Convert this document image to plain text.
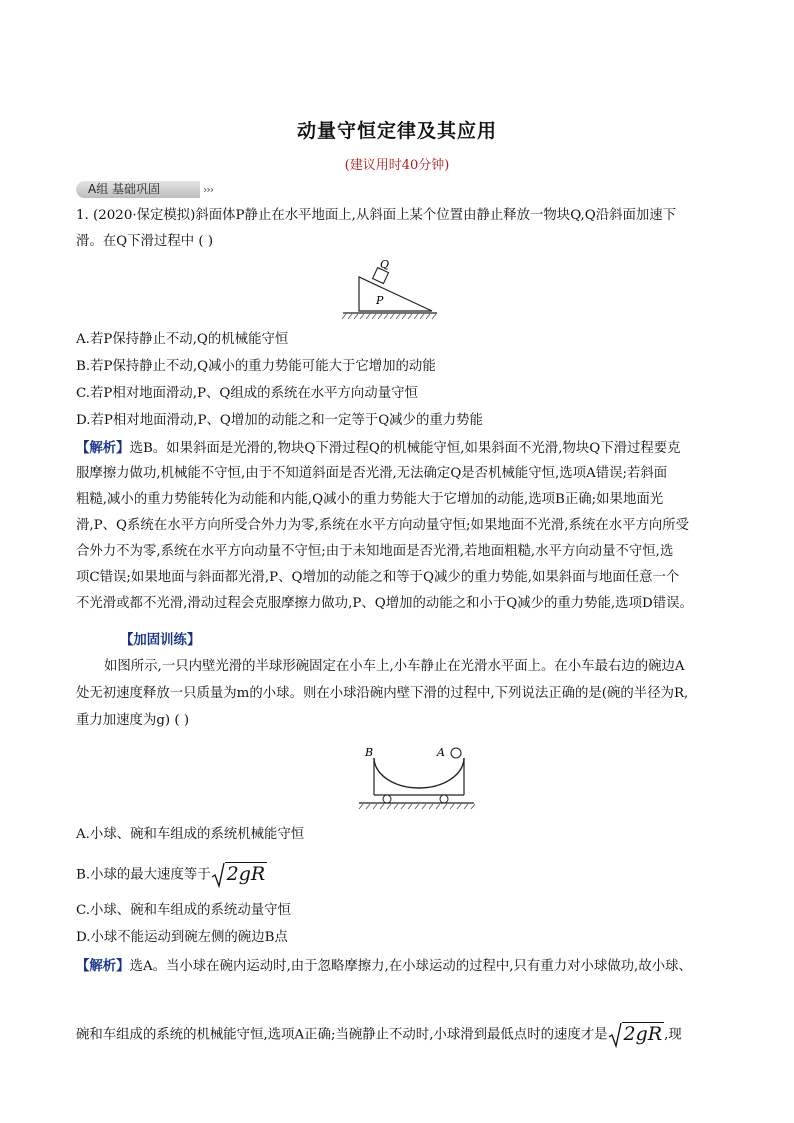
动量守恒定律及其应用
(建议用时40分钟)
A组 基础巩固	›››
1. (2020·保定模拟)斜面体P静止在水平地面上,从斜面上某个位置由静止释放一物块Q,Q沿斜面加速下
滑。在Q下滑过程中 ( )
Q
P
A.若P保持静止不动,Q的机械能守恒
B.若P保持静止不动,Q减小的重力势能可能大于它增加的动能
C.若P相对地面滑动,P、Q组成的系统在水平方向动量守恒
D.若P相对地面滑动,P、Q增加的动能之和一定等于Q减少的重力势能
【解析】选B。如果斜面是光滑的,物块Q下滑过程Q的机械能守恒,如果斜面不光滑,物块Q下滑过程要克
服摩擦力做功,机械能不守恒,由于不知道斜面是否光滑,无法确定Q是否机械能守恒,选项A错误;若斜面
粗糙,减小的重力势能转化为动能和内能,Q减小的重力势能大于它增加的动能,选项B正确;如果地面光
滑,P、Q系统在水平方向所受合外力为零,系统在水平方向动量守恒;如果地面不光滑,系统在水平方向所受
合外力不为零,系统在水平方向动量不守恒;由于未知地面是否光滑,若地面粗糙,水平方向动量不守恒,选
项C错误;如果地面与斜面都光滑,P、Q增加的动能之和等于Q减少的重力势能,如果斜面与地面任意一个
不光滑或都不光滑,滑动过程会克服摩擦力做功,P、Q增加的动能之和小于Q减少的重力势能,选项D错误。
【加固训练】
如图所示,一只内壁光滑的半球形碗固定在小车上,小车静止在光滑水平面上。在小车最右边的碗边A
处无初速度释放一只质量为m的小球。则在小球沿碗内壁下滑的过程中,下列说法正确的是(碗的半径为R,
重力加速度为g) ( )
B	A
A.小球、碗和车组成的系统机械能守恒
B.小球的最大速度等于 2gR
C.小球、碗和车组成的系统动量守恒
D.小球不能运动到碗左侧的碗边B点
【解析】选A。当小球在碗内运动时,由于忽略摩擦力,在小球运动的过程中,只有重力对小球做功,故小球、
碗和车组成的系统的机械能守恒,选项A正确;当碗静止不动时,小球滑到最低点时的速度才是 2gR ,现
